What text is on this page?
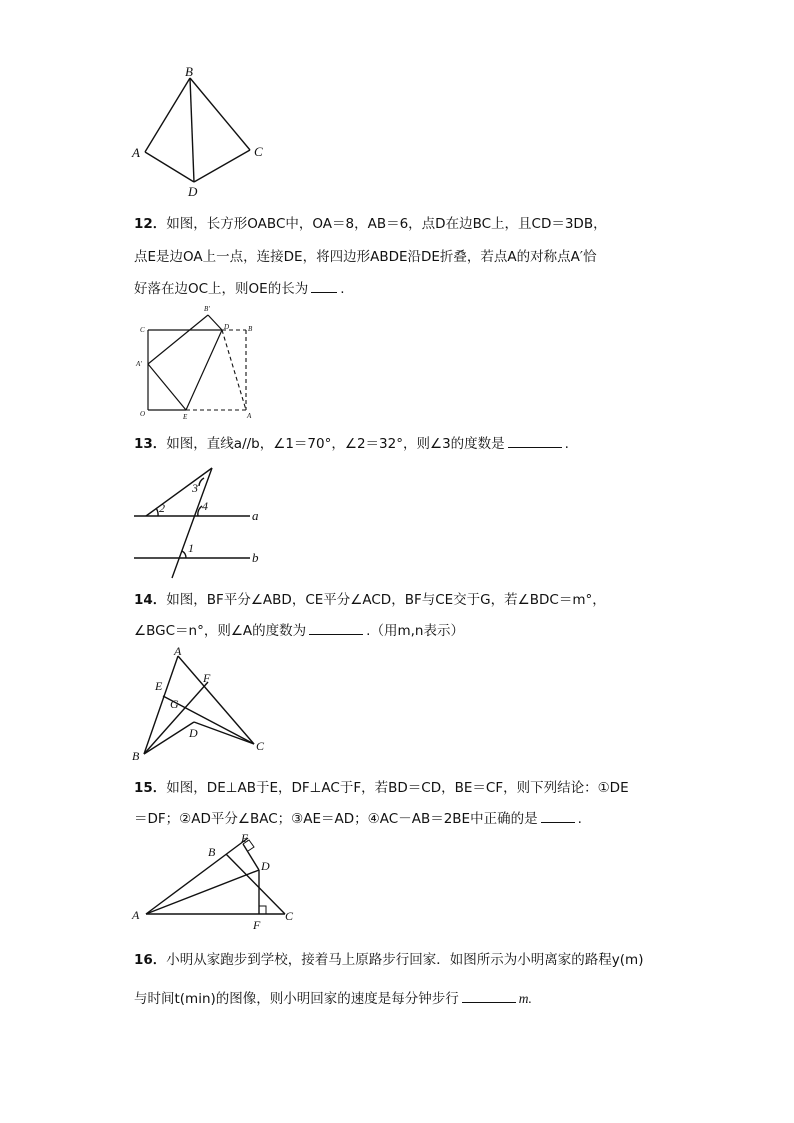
B
A	C
D
12．如图，长方形OABC中，OA＝8，AB＝6，点D在边BC上，且CD＝3DB，
点E是边OA上一点，连接DE，将四边形ABDE沿DE折叠，若点A的对称点A′恰
好落在边OC上，则OE的长为 .
C
B′
D	B
A′
O	E	A
13．如图，直线a//b，∠1＝70°，∠2＝32°，则∠3的度数是	.
2
3
4
1
a
b
14．如图，BF平分∠ABD，CE平分∠ACD，BF与CE交于G，若∠BDC＝m°，
∠BGC＝n°，则∠A的度数为	.（用m,n表示）
A
E
F
G
D
B
C
15．如图，DE⊥AB于E，DF⊥AC于F，若BD＝CD，BE＝CF，则下列结论：①DE
＝DF；②AD平分∠BAC；③AE＝AD；④AC－AB＝2BE中正确的是	.
E
B
D
A
F
C
16．小明从家跑步到学校，接着马上原路步行回家．如图所示为小明离家的路程y(m)
与时间t(min)的图像，则小明回家的速度是每分钟步行	m.
